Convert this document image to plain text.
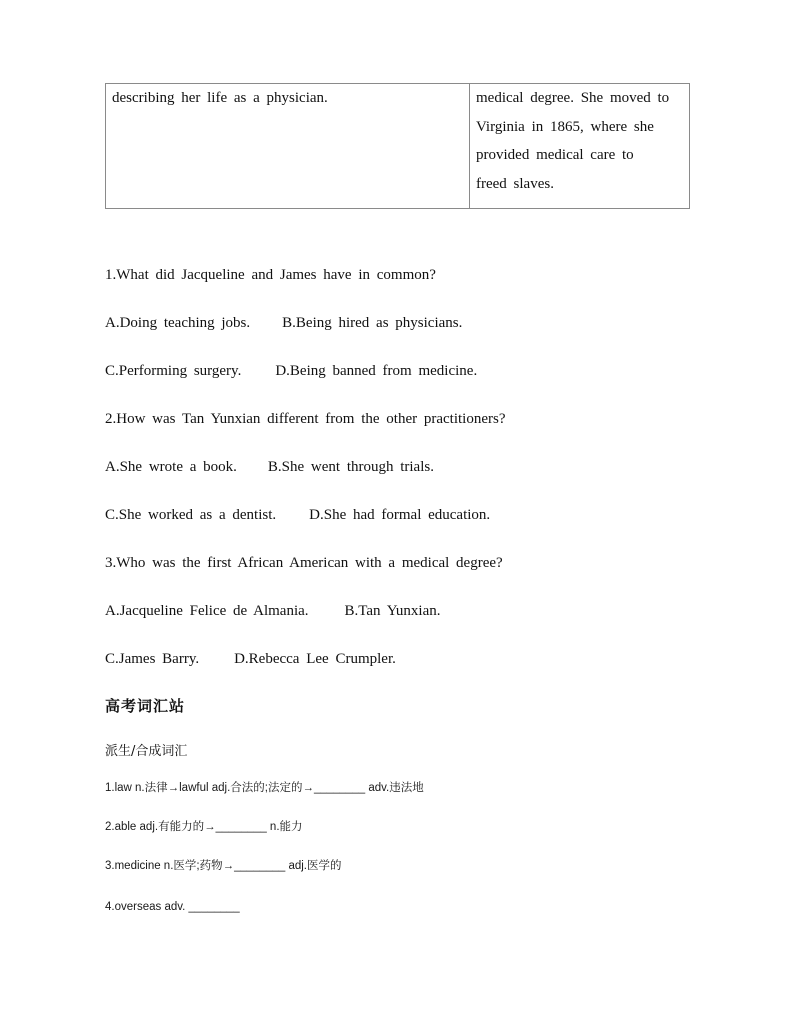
describing her life as a physician.	medical degree. She moved to
Virginia in 1865, where she
provided medical care to
freed slaves.
1.What did Jacqueline and James have in common?
A.Doing teaching jobs. B.Being hired as physicians.
C.Performing surgery. D.Being banned from medicine.
2.How was Tan Yunxian different from the other practitioners?
A.She wrote a book. B.She went through trials.
C.She worked as a dentist. D.She had formal education.
3.Who was the first African American with a medical degree?
A.Jacqueline Felice de Almania. B.Tan Yunxian.
C.James Barry. D.Rebecca Lee Crumpler.
高考词汇站
派生/合成词汇
1.law n.法律→lawful adj.合法的;法定的→________ adv.违法地
2.able adj.有能力的→________ n.能力
3.medicine n.医学;药物→________ adj.医学的
4.overseas adv. ________
